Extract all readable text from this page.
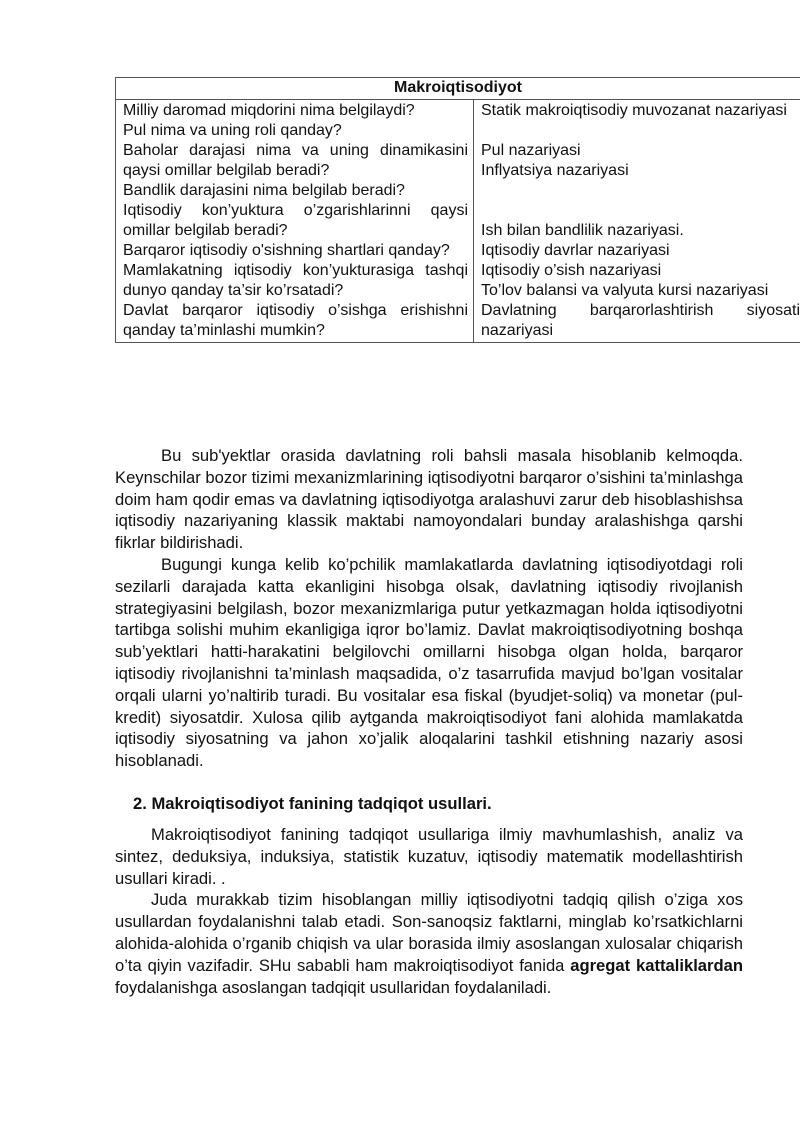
Makroiqtisodiyot

Milliy daromad miqdorini nima belgilaydi?

Pul nima va uning roli qanday?

Baholar darajasi nima va uning dinamikasini qaysi omillar belgilab beradi?

Bandlik darajasini nima belgilab beradi?

Iqtisodiy kon’yuktura o’zgarishlarinni qaysi omillar belgilab beradi?

Barqaror iqtisodiy o'sishning shartlari qanday?

Mamlakatning iqtisodiy kon’yukturasiga tashqi dunyo qanday ta’sir ko’rsatadi?

Davlat barqaror iqtisodiy o’sishga erishishni qanday ta’minlashi mumkin?

Statik makroiqtisodiy muvozanat nazariyasi

Pul nazariyasi

Inflyatsiya nazariyasi

Ish bilan bandlilik nazariyasi.

Iqtisodiy davrlar nazariyasi

Iqtisodiy o’sish nazariyasi

To’lov balansi va valyuta kursi nazariyasi

Davlatning barqarorlashtirish siyosati nazariyasi

Bu sub'yektlar orasida davlatning roli bahsli masala hisoblanib kelmoqda. Keynschilar bozor tizimi mexanizmlarining iqtisodiyotni barqaror o’sishini ta’minlashga doim ham qodir emas va davlatning iqtisodiyotga aralashuvi zarur deb hisoblashishsa iqtisodiy nazariyaning klassik maktabi namoyondalari bunday aralashishga qarshi fikrlar bildirishadi.

Bugungi kunga kelib ko’pchilik mamlakatlarda davlatning iqtisodiyotdagi roli sezilarli darajada katta ekanligini hisobga olsak, davlatning iqtisodiy rivojlanish strategiyasini belgilash, bozor mexanizmlariga putur yetkazmagan holda iqtisodiyotni tartibga solishi muhim ekanligiga iqror bo’lamiz. Davlat makroiqtisodiyotning boshqa sub’yektlari hatti-harakatini belgilovchi omillarni hisobga olgan holda, barqaror iqtisodiy rivojlanishni ta’minlash maqsadida, o’z tasarrufida mavjud bo’lgan vositalar orqali ularni yo’naltirib turadi. Bu vositalar esa fiskal (byudjet-soliq) va monetar (pul-kredit) siyosatdir. Xulosa qilib aytganda makroiqtisodiyot fani alohida mamlakatda iqtisodiy siyosatning va jahon xo’jalik aloqalarini tashkil etishning nazariy asosi hisoblanadi.

2. Makroiqtisodiyot fanining tadqiqot usullari.

Makroiqtisodiyot fanining tadqiqot usullariga ilmiy mavhumlashish, analiz va sintez, deduksiya, induksiya, statistik kuzatuv, iqtisodiy matematik modellashtirish usullari kiradi. .

Juda murakkab tizim hisoblangan milliy iqtisodiyotni tadqiq qilish o’ziga xos usullardan foydalanishni talab etadi. Son-sanoqsiz faktlarni, minglab ko’rsatkichlarni alohida-alohida o’rganib chiqish va ular borasida ilmiy asoslangan xulosalar chiqarish o’ta qiyin vazifadir. SHu sababli ham makroiqtisodiyot fanida agregat kattaliklardan foydalanishga asoslangan tadqiqit usullaridan foydalaniladi.
